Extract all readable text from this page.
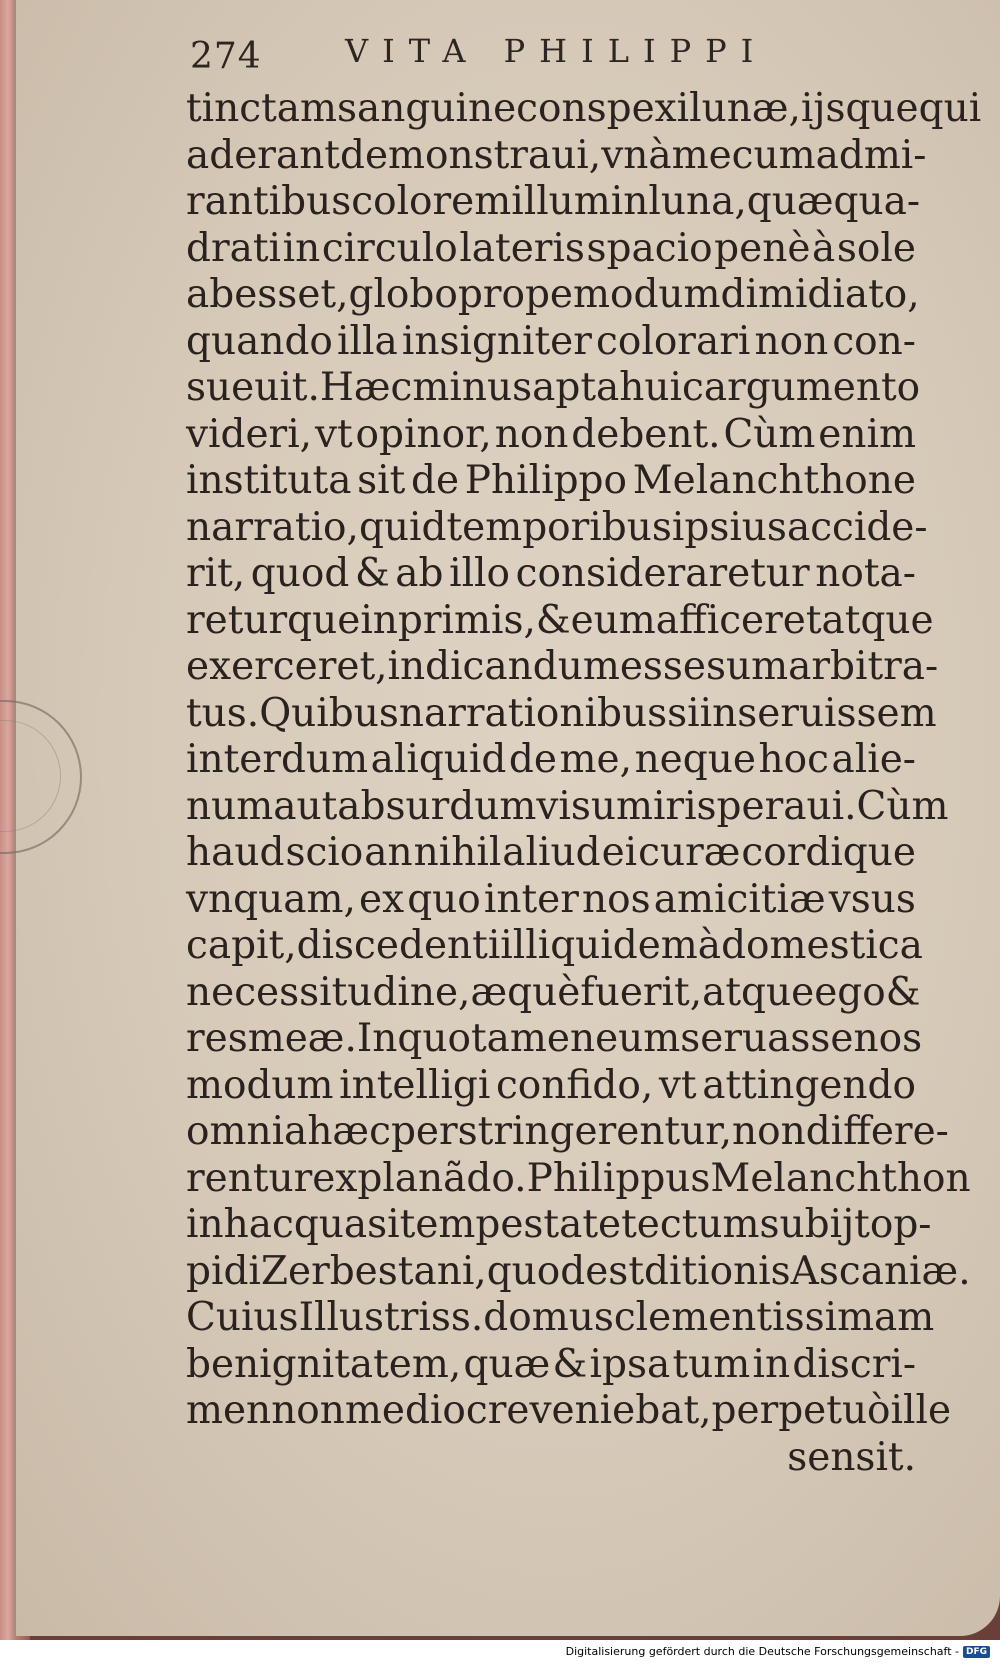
274	VITA PHILIPPI
tinctam sanguine conspexi lunæ, ijsque qui
aderant demonstraui, vnà mecum admi-
rantibus colorem illum in luna, quæ qua-
drati in circulo lateris spacio penè à sole
abesset, globo propemodum dimidiato,
quando illa insigniter colorari non con-
sueuit. Hæc minus apta huic argumento
videri, vt opinor, non debent. Cùm enim
instituta sit de Philippo Melanchthone
narratio, quid temporibus ipsius accide-
rit, quod & ab illo consideraretur nota-
returque inprimis, & eum afficeret atque
exerceret, indicandum esse sum arbitra-
tus. Quibus narrationibus si inseruissem
interdum aliquid de me, neque hoc alie-
num aut absurdum visum iri speraui. Cùm
haud scio an nihil aliud ei curæ cordique
vnquam, ex quo inter nos amicitiæ vsus
capit, discedenti illi quidem à domestica
necessitudine, æquè fuerit, atque ego &
res meæ. In quo tamen eum seruasse nos
modum intelligi confido, vt attingendo
omnia hæc perstringerentur, non differe-
rentur explanãdo. Philippus Melanchthon
in hac quasi tempestate tectum subijt op-
pidi Zerbestani, quod est ditionis Ascaniæ.
Cuius Illustriss. domus clementissimam
benignitatem, quæ & ipsa tum in discri-
men non mediocre veniebat, perpetuò ille
sensit.
Digitalisierung gefördert durch die Deutsche Forschungsgemeinschaft - DFG
